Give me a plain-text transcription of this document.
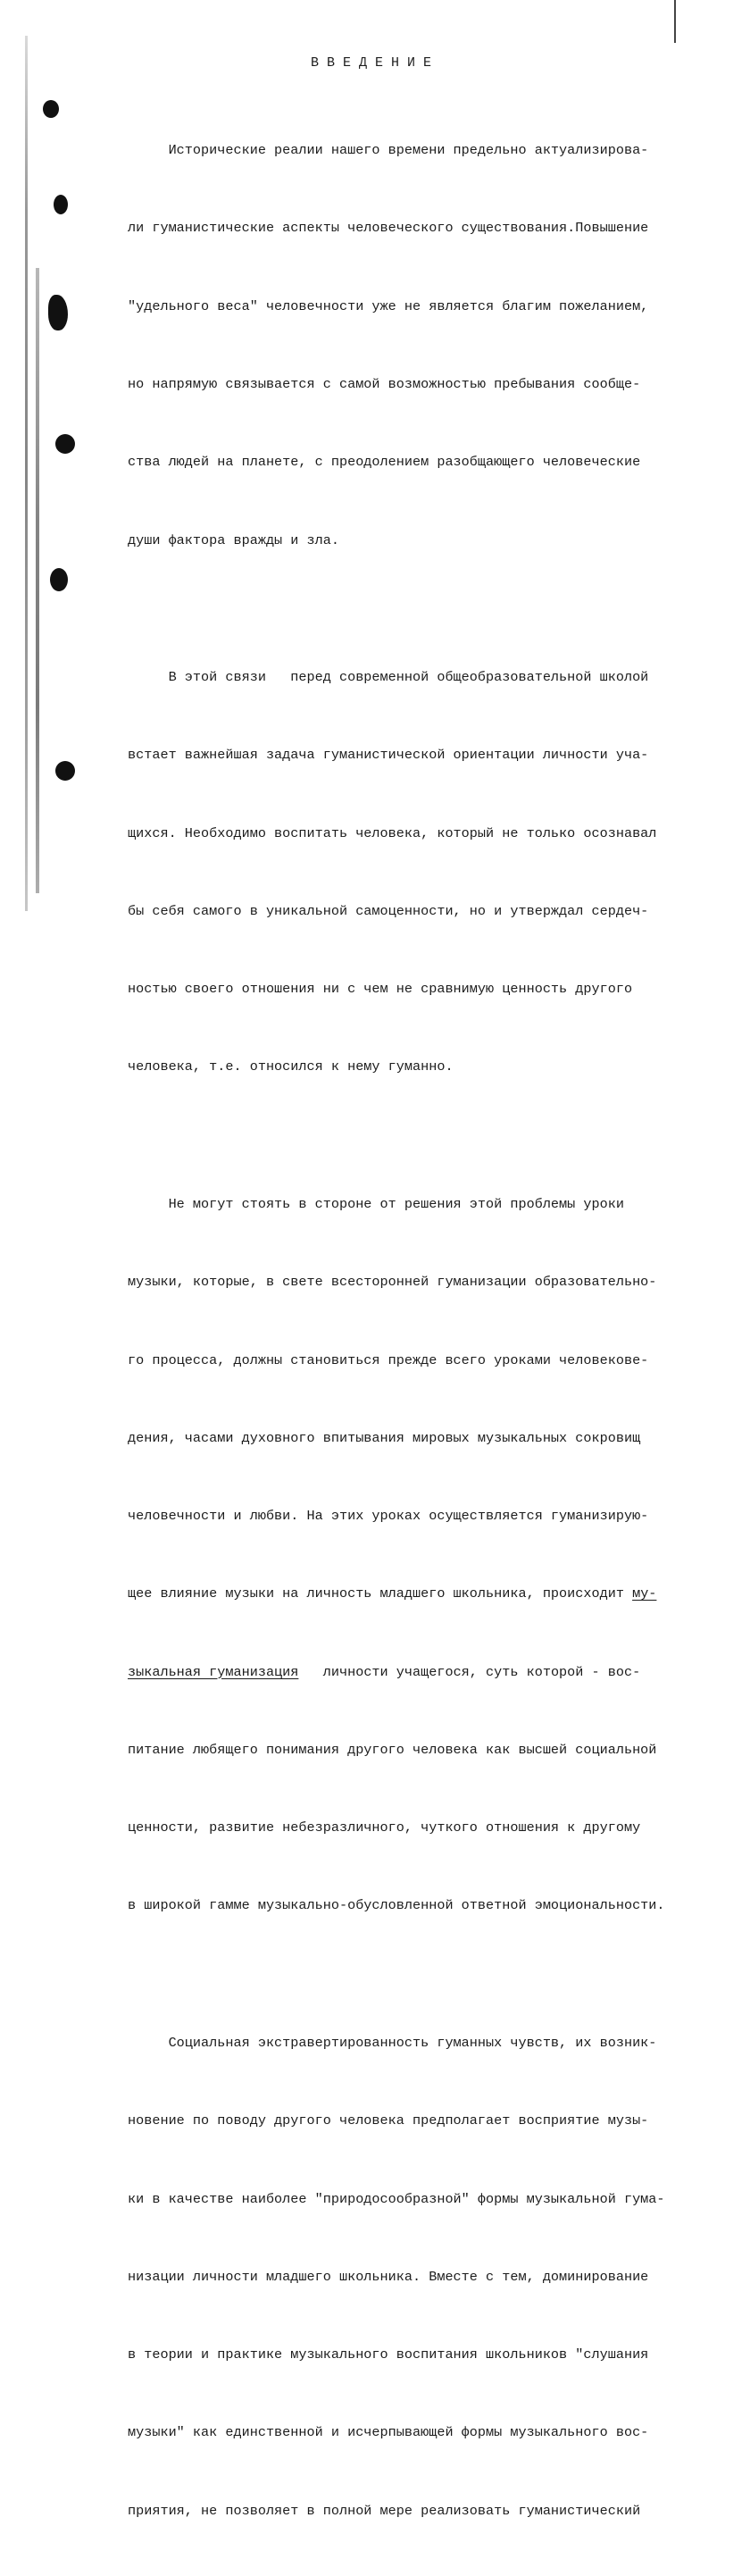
ВВЕДЕНИЕ

Исторические реалии нашего времени предельно актуализирова-

ли гуманистические аспекты человеческого существования.Повышение

"удельного веса" человечности уже не является благим пожеланием,

но напрямую связывается с самой возможностью пребывания сообще-

ства людей на планете, с преодолением разобщающего человеческие

души фактора вражды и зла.

В этой связи   перед современной общеобразовательной школой

встает важнейшая задача гуманистической ориентации личности уча-

щихся. Необходимо воспитать человека, который не только осознавал

бы себя самого в уникальной самоценности, но и утверждал сердеч-

ностью своего отношения ни с чем не сравнимую ценность другого

человека, т.е. относился к нему гуманно.

Не могут стоять в стороне от решения этой проблемы уроки

музыки, которые, в свете всесторонней гуманизации образовательно-

го процесса, должны становиться прежде всего уроками человекове-

дения, часами духовного впитывания мировых музыкальных сокровищ

человечности и любви. На этих уроках осуществляется гуманизирую-

щее влияние музыки на личность младшего школьника, происходит му-

зыкальная гуманизация   личности учащегося, суть которой - вос-

питание любящего понимания другого человека как высшей социальной

ценности, развитие небезразличного, чуткого отношения к другому

в широкой гамме музыкально-обусловленной ответной эмоциональности.

Социальная экстравертированность гуманных чувств, их возник-

новение по поводу другого человека предполагает восприятие музы-

ки в качестве наиболее "природосообразной" формы музыкальной гума-

низации личности младшего школьника. Вместе с тем, доминирование

в теории и практике музыкального воспитания школьников "слушания

музыки" как единственной и исчерпывающей формы музыкального вос-

приятия, не позволяет в полной мере реализовать гуманистический
